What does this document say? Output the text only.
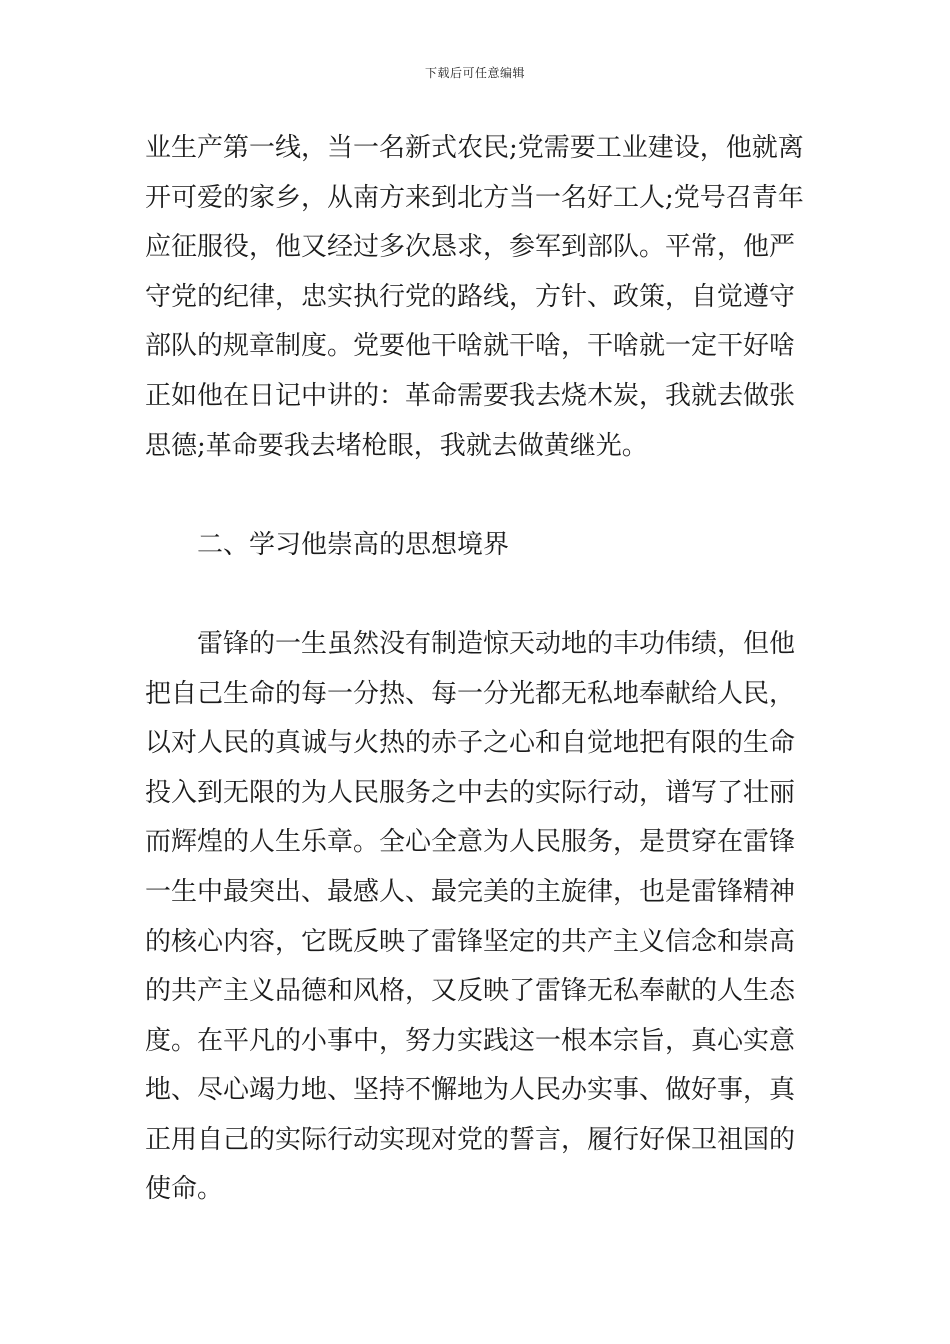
下载后可任意编辑
业生产第一线，当一名新式农民;党需要工业建设，他就离
开可爱的家乡，从南方来到北方当一名好工人;党号召青年
应征服役，他又经过多次恳求，参军到部队。平常，他严
守党的纪律，忠实执行党的路线，方针、政策，自觉遵守
部队的规章制度。党要他干啥就干啥，干啥就一定干好啥
正如他在日记中讲的：革命需要我去烧木炭，我就去做张
思德;革命要我去堵枪眼，我就去做黄继光。
二、学习他崇高的思想境界
雷锋的一生虽然没有制造惊天动地的丰功伟绩，但他
把自己生命的每一分热、每一分光都无私地奉献给人民，
以对人民的真诚与火热的赤子之心和自觉地把有限的生命
投入到无限的为人民服务之中去的实际行动，谱写了壮丽
而辉煌的人生乐章。全心全意为人民服务，是贯穿在雷锋
一生中最突出、最感人、最完美的主旋律，也是雷锋精神
的核心内容，它既反映了雷锋坚定的共产主义信念和崇高
的共产主义品德和风格，又反映了雷锋无私奉献的人生态
度。在平凡的小事中，努力实践这一根本宗旨，真心实意
地、尽心竭力地、坚持不懈地为人民办实事、做好事，真
正用自己的实际行动实现对党的誓言，履行好保卫祖国的
使命。
